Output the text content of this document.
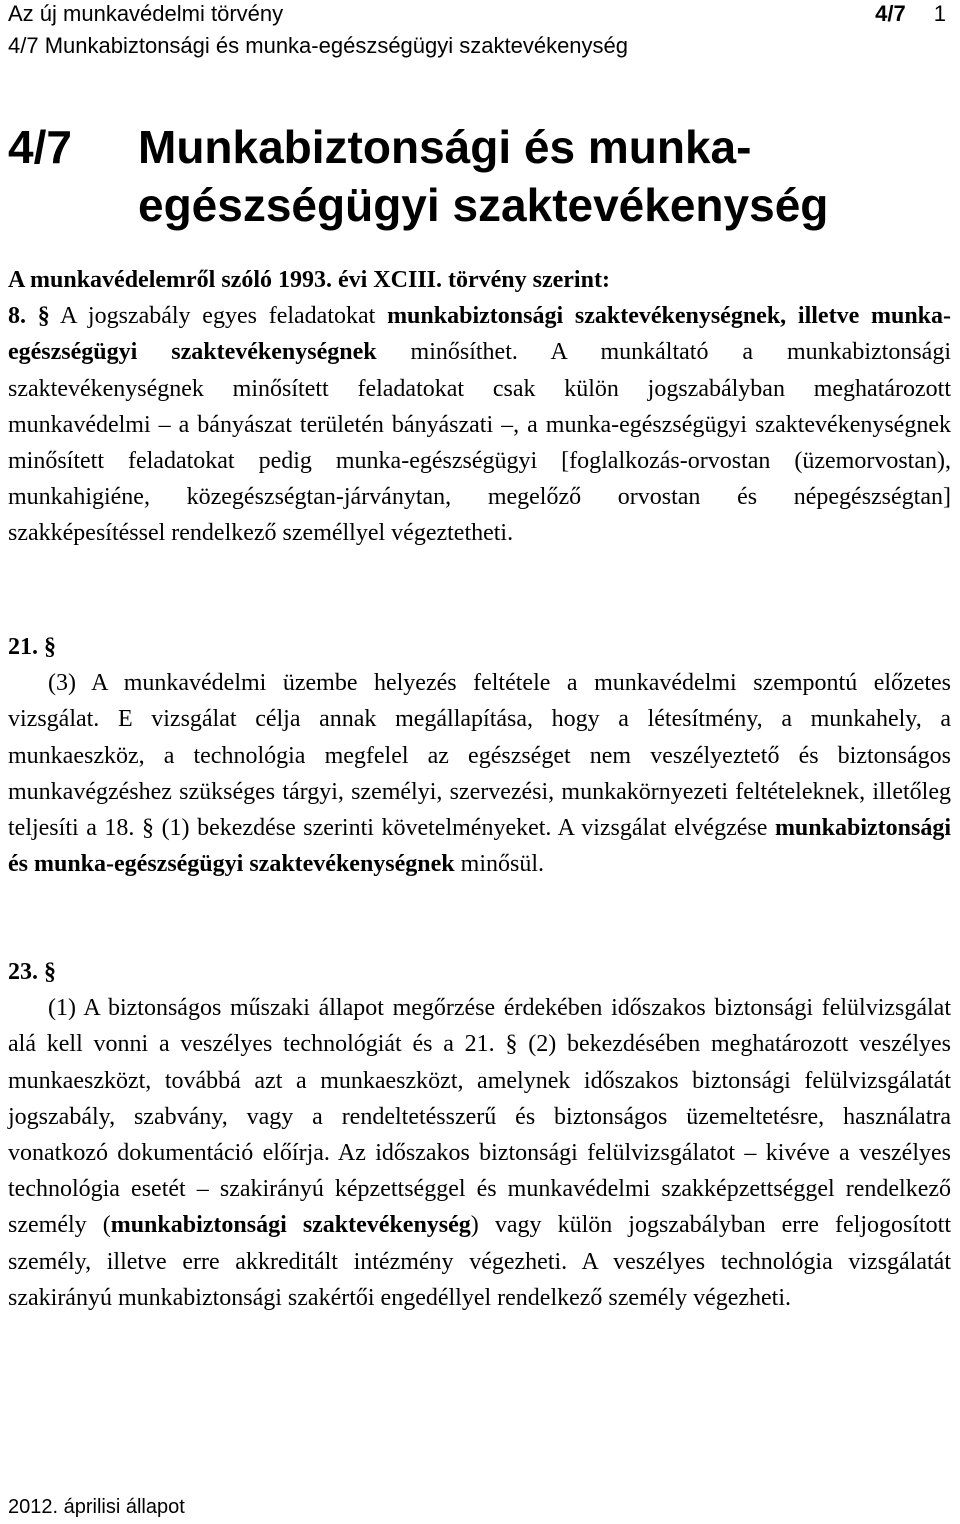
Az új munkavédelmi törvény	4/7 1
4/7 Munkabiztonsági és munka-egészségügyi szaktevékenység
4/7	Munkabiztonsági és munka-egészségügyi szaktevékenység

A munkavédelemről szóló 1993. évi XCIII. törvény szerint:

8. § A jogszabály egyes feladatokat munkabiztonsági szaktevékenységnek, illetve munka-egészségügyi szaktevékenységnek minősíthet. A munkáltató a munkabiztonsági szaktevékenységnek minősített feladatokat csak külön jogszabályban meghatározott munkavédelmi – a bányászat területén bányászati –, a munka-egészségügyi szaktevékenységnek minősített feladatokat pedig munka-egészségügyi [foglalkozás-orvostan (üzemorvostan), munkahigiéne, közegészségtan-járványtan, megelőző orvostan és népegészségtan] szakképesítéssel rendelkező személlyel végeztetheti.

21. §

(3) A munkavédelmi üzembe helyezés feltétele a munkavédelmi szempontú előzetes vizsgálat. E vizsgálat célja annak megállapítása, hogy a létesítmény, a munkahely, a munkaeszköz, a technológia megfelel az egészséget nem veszélyeztető és biztonságos munkavégzéshez szükséges tárgyi, személyi, szervezési, munkakörnyezeti feltételeknek, illetőleg teljesíti a 18. § (1) bekezdése szerinti követelményeket. A vizsgálat elvégzése munkabiztonsági és munka-egészségügyi szaktevékenységnek minősül.

23. §

(1) A biztonságos műszaki állapot megőrzése érdekében időszakos biztonsági felülvizsgálat alá kell vonni a veszélyes technológiát és a 21. § (2) bekezdésében meghatározott veszélyes munkaeszközt, továbbá azt a munkaeszközt, amelynek időszakos biztonsági felülvizsgálatát jogszabály, szabvány, vagy a rendeltetésszerű és biztonságos üzemeltetésre, használatra vonatkozó dokumentáció előírja. Az időszakos biztonsági felülvizsgálatot – kivéve a veszélyes technológia esetét – szakirányú képzettséggel és munkavédelmi szakképzettséggel rendelkező személy (munkabiztonsági szaktevékenység) vagy külön jogszabályban erre feljogosított személy, illetve erre akkreditált intézmény végezheti. A veszélyes technológia vizsgálatát szakirányú munkabiztonsági szakértői engedéllyel rendelkező személy végezheti.

2012. áprilisi állapot
